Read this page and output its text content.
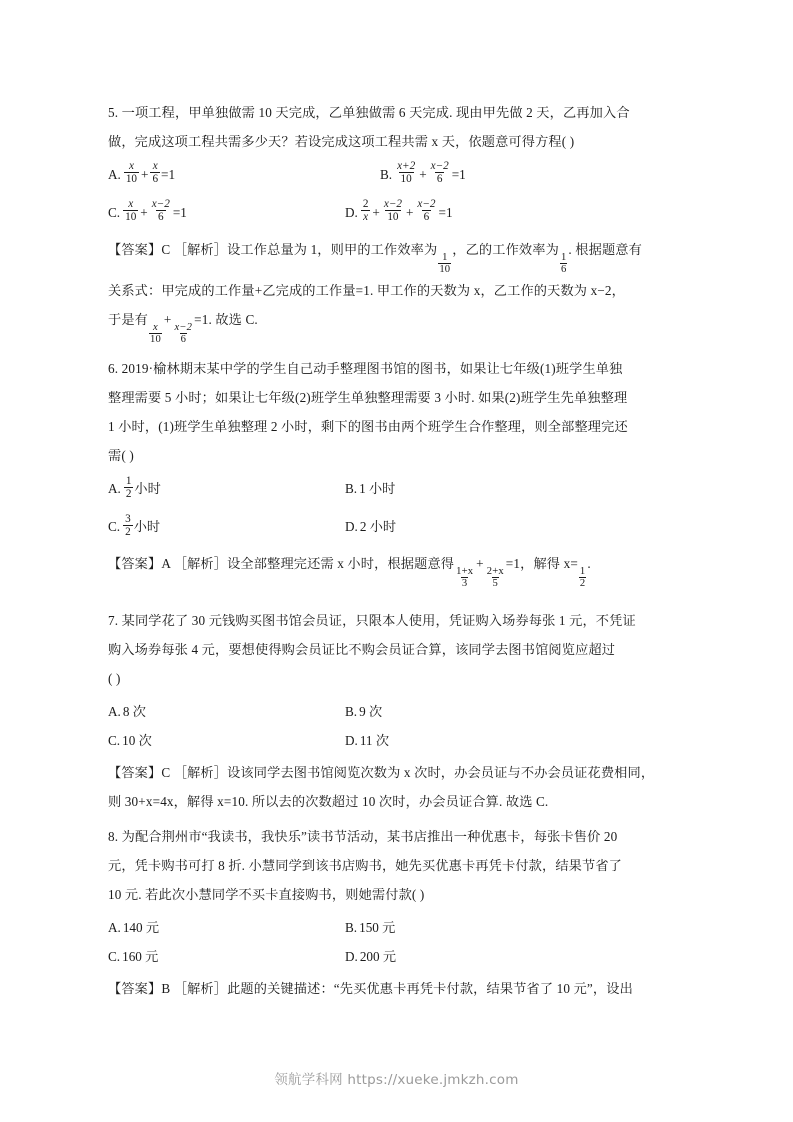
5. 一项工程，甲单独做需 10 天完成，乙单独做需 6 天完成. 现由甲先做 2 天，乙再加入合
做，完成这项工程共需多少天？若设完成这项工程共需 x 天，依题意可得方程( )
A. $\frac{x}{10} + \frac{x}{6} =1$	B. $\frac{x+2}{10} + \frac{x-2}{6} =1$
C. $\frac{x}{10} + \frac{x-2}{6} =1$	D. $\frac{2}{x} + \frac{x-2}{10} + \frac{x-2}{6} =1$
【答案】C ［解析］设工作总量为 1，则甲的工作效率为
$\frac{1}{10}$
，乙的工作效率为
$\frac{1}{6}$
. 根据题意有
关系式：甲完成的工作量+乙完成的工作量=1. 甲工作的天数为 x，乙工作的天数为 x−2，
于是有
$\frac{x}{10}$
+
$\frac{x-2}{6}$
=1. 故选 C.
6. 2019·榆林期末某中学的学生自己动手整理图书馆的图书，如果让七年级(1)班学生单独
整理需要 5 小时；如果让七年级(2)班学生单独整理需要 3 小时. 如果(2)班学生先单独整理
1 小时，(1)班学生单独整理 2 小时，剩下的图书由两个班学生合作整理，则全部整理完还
需( )
A. $\frac{1}{2}$ 小时	B. 1 小时
C. $\frac{3}{2}$ 小时	D. 2 小时
【答案】A ［解析］设全部整理完还需 x 小时，根据题意得
$\frac{1+x}{3}$
+
$\frac{2+x}{5}$
=1，解得 x=
$\frac{1}{2}$
.
7. 某同学花了 30 元钱购买图书馆会员证，只限本人使用，凭证购入场券每张 1 元，不凭证
购入场券每张 4 元，要想使得购会员证比不购会员证合算，该同学去图书馆阅览应超过
( )
A. 8 次	B. 9 次
C. 10 次	D. 11 次
【答案】C ［解析］设该同学去图书馆阅览次数为 x 次时，办会员证与不办会员证花费相同，
则 30+x=4x，解得 x=10. 所以去的次数超过 10 次时，办会员证合算. 故选 C.
8. 为配合荆州市“我读书，我快乐”读书节活动，某书店推出一种优惠卡，每张卡售价 20
元，凭卡购书可打 8 折. 小慧同学到该书店购书，她先买优惠卡再凭卡付款，结果节省了
10 元. 若此次小慧同学不买卡直接购书，则她需付款( )
A. 140 元	B. 150 元
C. 160 元	D. 200 元
【答案】B ［解析］此题的关键描述：“先买优惠卡再凭卡付款，结果节省了 10 元”，设出
领航学科网 https://xueke.jmkzh.com
